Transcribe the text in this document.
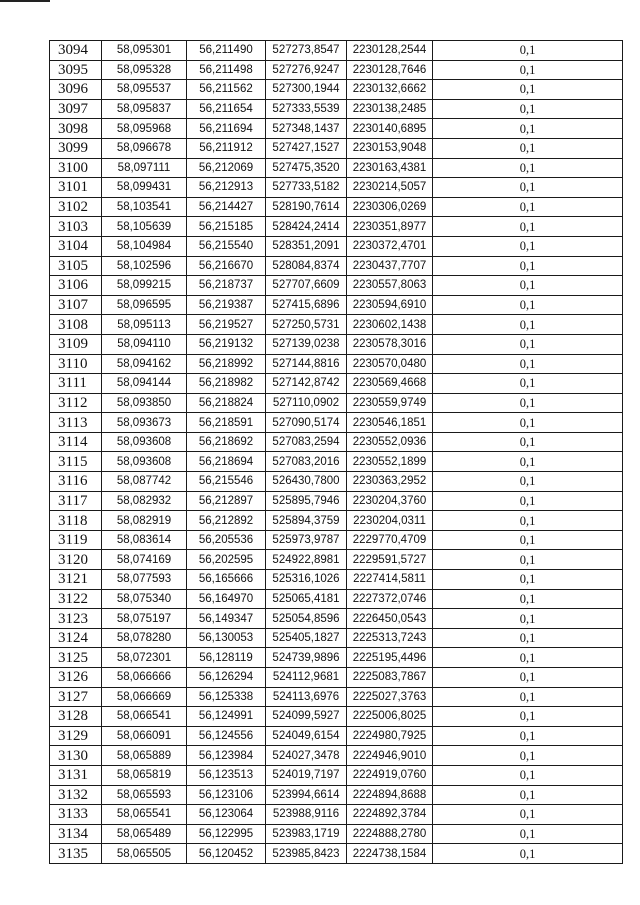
3094	58,095301	56,211490	527273,8547	2230128,2544	0,1
3095	58,095328	56,211498	527276,9247	2230128,7646	0,1
3096	58,095537	56,211562	527300,1944	2230132,6662	0,1
3097	58,095837	56,211654	527333,5539	2230138,2485	0,1
3098	58,095968	56,211694	527348,1437	2230140,6895	0,1
3099	58,096678	56,211912	527427,1527	2230153,9048	0,1
3100	58,097111	56,212069	527475,3520	2230163,4381	0,1
3101	58,099431	56,212913	527733,5182	2230214,5057	0,1
3102	58,103541	56,214427	528190,7614	2230306,0269	0,1
3103	58,105639	56,215185	528424,2414	2230351,8977	0,1
3104	58,104984	56,215540	528351,2091	2230372,4701	0,1
3105	58,102596	56,216670	528084,8374	2230437,7707	0,1
3106	58,099215	56,218737	527707,6609	2230557,8063	0,1
3107	58,096595	56,219387	527415,6896	2230594,6910	0,1
3108	58,095113	56,219527	527250,5731	2230602,1438	0,1
3109	58,094110	56,219132	527139,0238	2230578,3016	0,1
3110	58,094162	56,218992	527144,8816	2230570,0480	0,1
3111	58,094144	56,218982	527142,8742	2230569,4668	0,1
3112	58,093850	56,218824	527110,0902	2230559,9749	0,1
3113	58,093673	56,218591	527090,5174	2230546,1851	0,1
3114	58,093608	56,218692	527083,2594	2230552,0936	0,1
3115	58,093608	56,218694	527083,2016	2230552,1899	0,1
3116	58,087742	56,215546	526430,7800	2230363,2952	0,1
3117	58,082932	56,212897	525895,7946	2230204,3760	0,1
3118	58,082919	56,212892	525894,3759	2230204,0311	0,1
3119	58,083614	56,205536	525973,9787	2229770,4709	0,1
3120	58,074169	56,202595	524922,8981	2229591,5727	0,1
3121	58,077593	56,165666	525316,1026	2227414,5811	0,1
3122	58,075340	56,164970	525065,4181	2227372,0746	0,1
3123	58,075197	56,149347	525054,8596	2226450,0543	0,1
3124	58,078280	56,130053	525405,1827	2225313,7243	0,1
3125	58,072301	56,128119	524739,9896	2225195,4496	0,1
3126	58,066666	56,126294	524112,9681	2225083,7867	0,1
3127	58,066669	56,125338	524113,6976	2225027,3763	0,1
3128	58,066541	56,124991	524099,5927	2225006,8025	0,1
3129	58,066091	56,124556	524049,6154	2224980,7925	0,1
3130	58,065889	56,123984	524027,3478	2224946,9010	0,1
3131	58,065819	56,123513	524019,7197	2224919,0760	0,1
3132	58,065593	56,123106	523994,6614	2224894,8688	0,1
3133	58,065541	56,123064	523988,9116	2224892,3784	0,1
3134	58,065489	56,122995	523983,1719	2224888,2780	0,1
3135	58,065505	56,120452	523985,8423	2224738,1584	0,1
